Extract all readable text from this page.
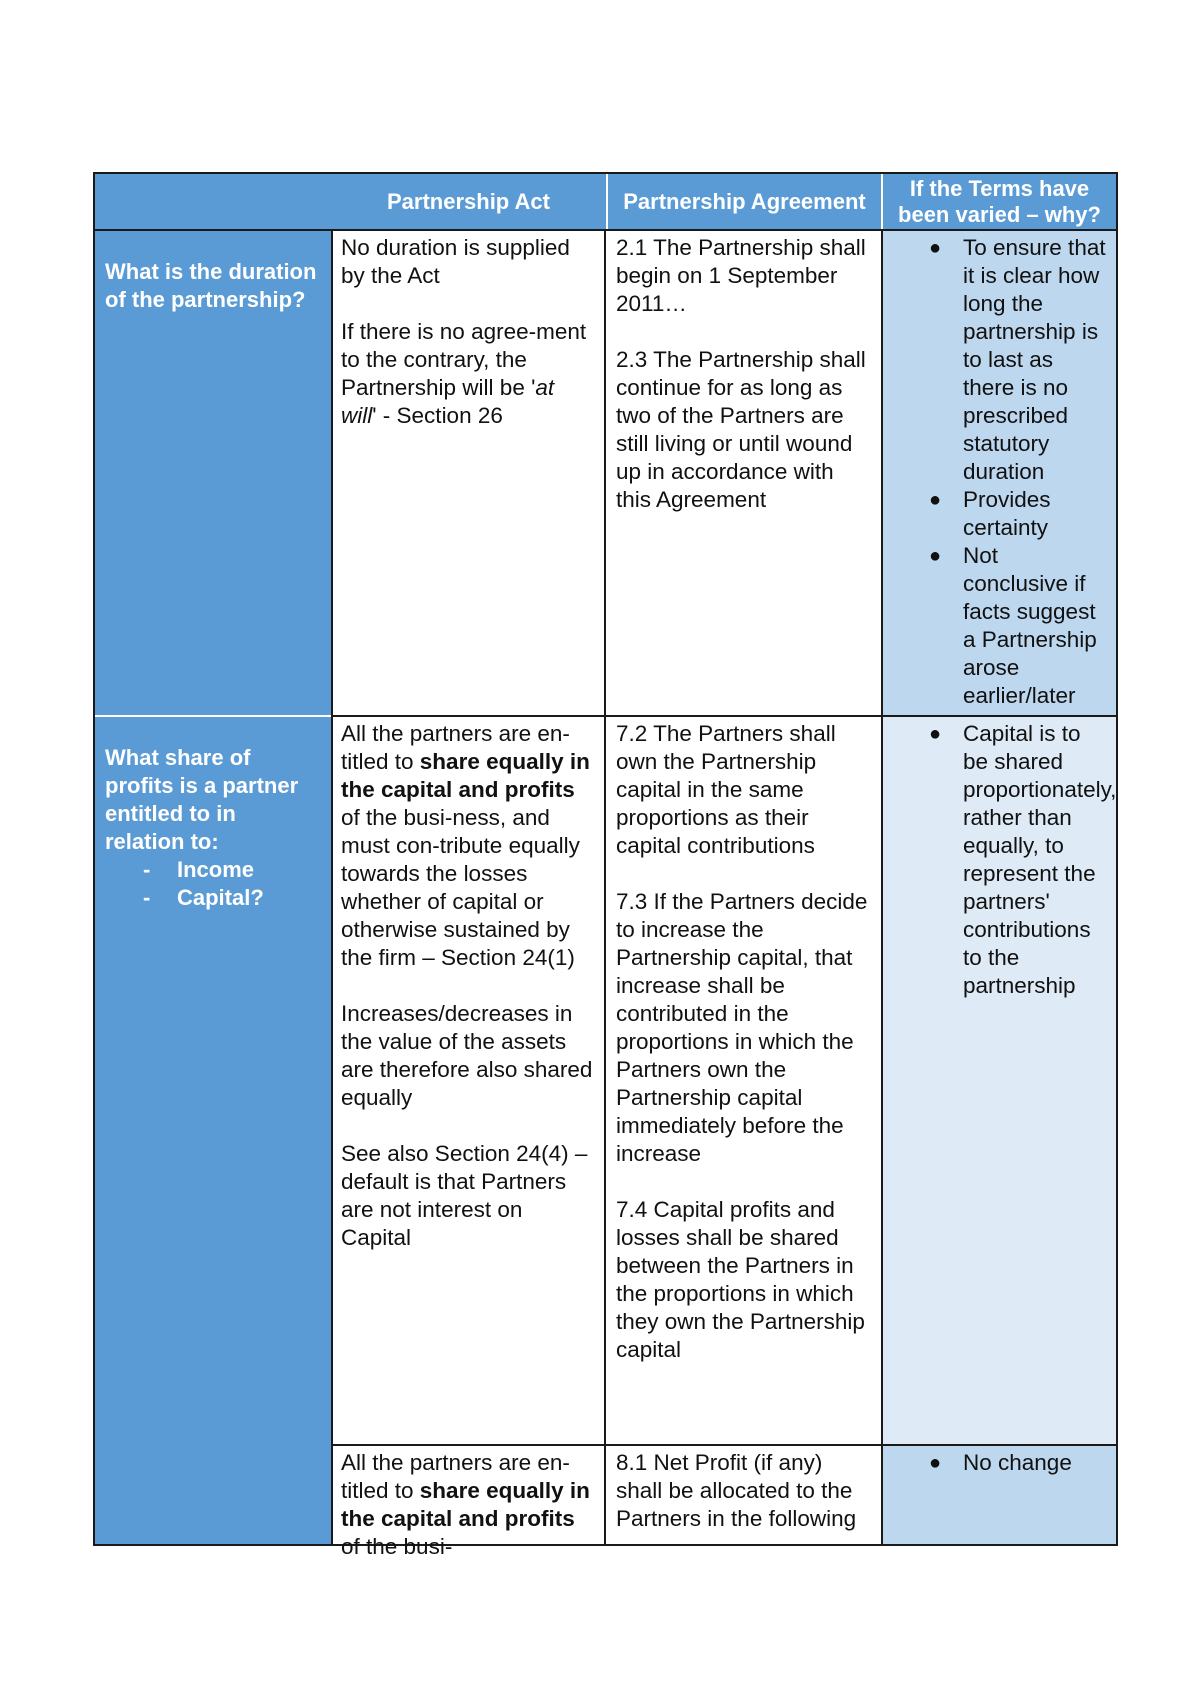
Partnership Act	Partnership Agreement
If the Terms have been varied – why?
What is the duration of the partnership?

No duration is supplied by the Act

If there is no agree-ment to the contrary, the Partnership will be 'at will' - Section 26

2.1 The Partnership shall begin on 1 September 2011…

2.3 The Partnership shall continue for as long as two of the Partners are still living or until wound up in accordance with this Agreement

● To ensure that it is clear how long the partnership is to last as there is no prescribed statutory duration
● Provides certainty
● Not conclusive if facts suggest a Partnership arose earlier/later
What share of profits is a partner entitled to in relation to:
- Income
- Capital?

All the partners are en-titled to share equally in the capital and profits of the busi-ness, and must con-tribute equally towards the losses whether of capital or otherwise sustained by the firm – Section 24(1)

Increases/decreases in the value of the assets are therefore also shared equally

See also Section 24(4) – default is that Partners are not interest on Capital

7.2 The Partners shall own the Partnership capital in the same proportions as their capital contributions

7.3 If the Partners decide to increase the Partnership capital, that increase shall be contributed in the proportions in which the Partners own the Partnership capital immediately before the increase

7.4 Capital profits and losses shall be shared between the Partners in the proportions in which they own the Partnership capital

● Capital is to be shared proportionately, rather than equally, to represent the partners' contributions to the partnership

All the partners are en-titled to share equally in the capital and profits of the busi-

8.1 Net Profit (if any) shall be allocated to the Partners in the following

● No change
